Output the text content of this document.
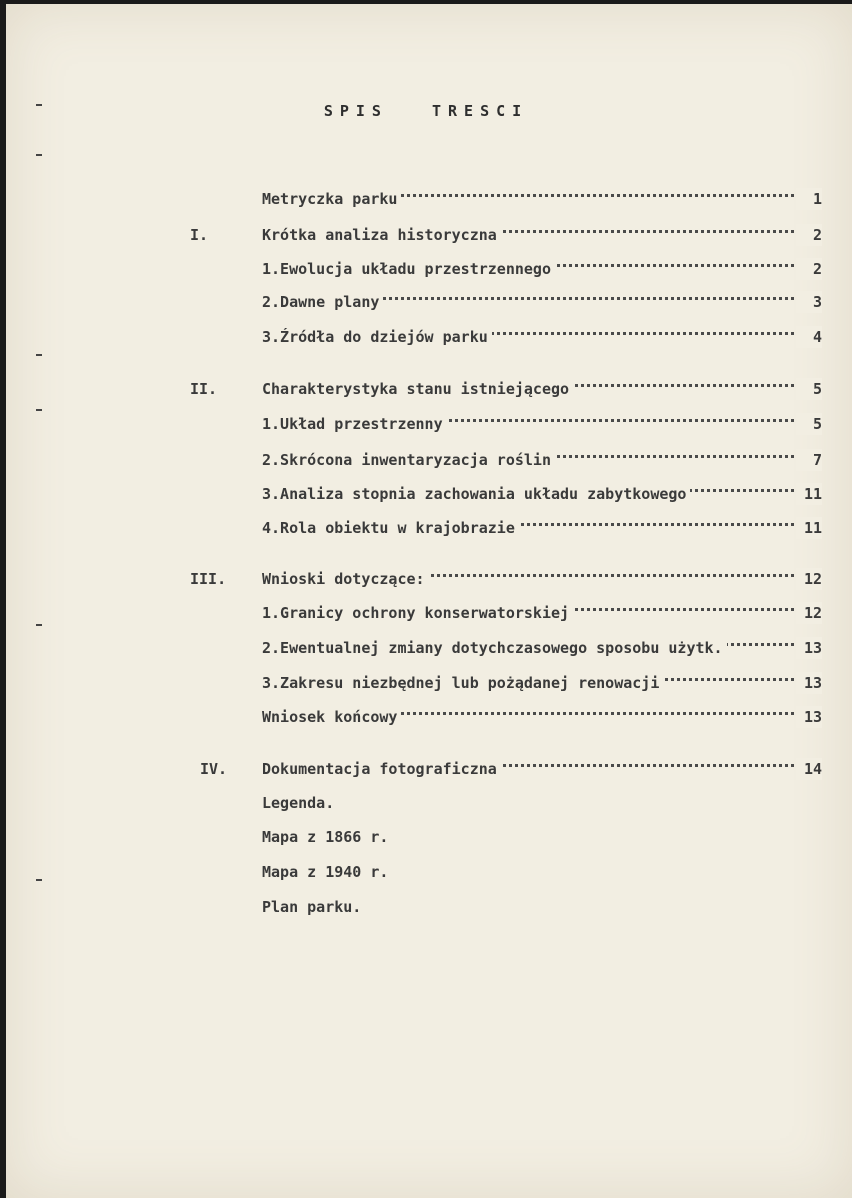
SPIS TRESCI
Metryczka parku	1
I.	Krótka analiza historyczna	2
1.Ewolucja układu przestrzennego	2
2.Dawne plany	3
3.Źródła do dziejów parku	4
II.	Charakterystyka stanu istniejącego	5
1.Układ przestrzenny	5
2.Skrócona inwentaryzacja roślin	7
3.Analiza stopnia zachowania układu zabytkowego	11
4.Rola obiektu w krajobrazie	11
III. Wnioski dotyczące:	12
1.Granicy ochrony konserwatorskiej	12
2.Ewentualnej zmiany dotychczasowego sposobu użytk.	13
3.Zakresu niezbędnej lub pożądanej renowacji	13
Wniosek końcowy	13
IV. Dokumentacja fotograficzna	14
Legenda.
Mapa z 1866 r.
Mapa z 1940 r.
Plan parku.
